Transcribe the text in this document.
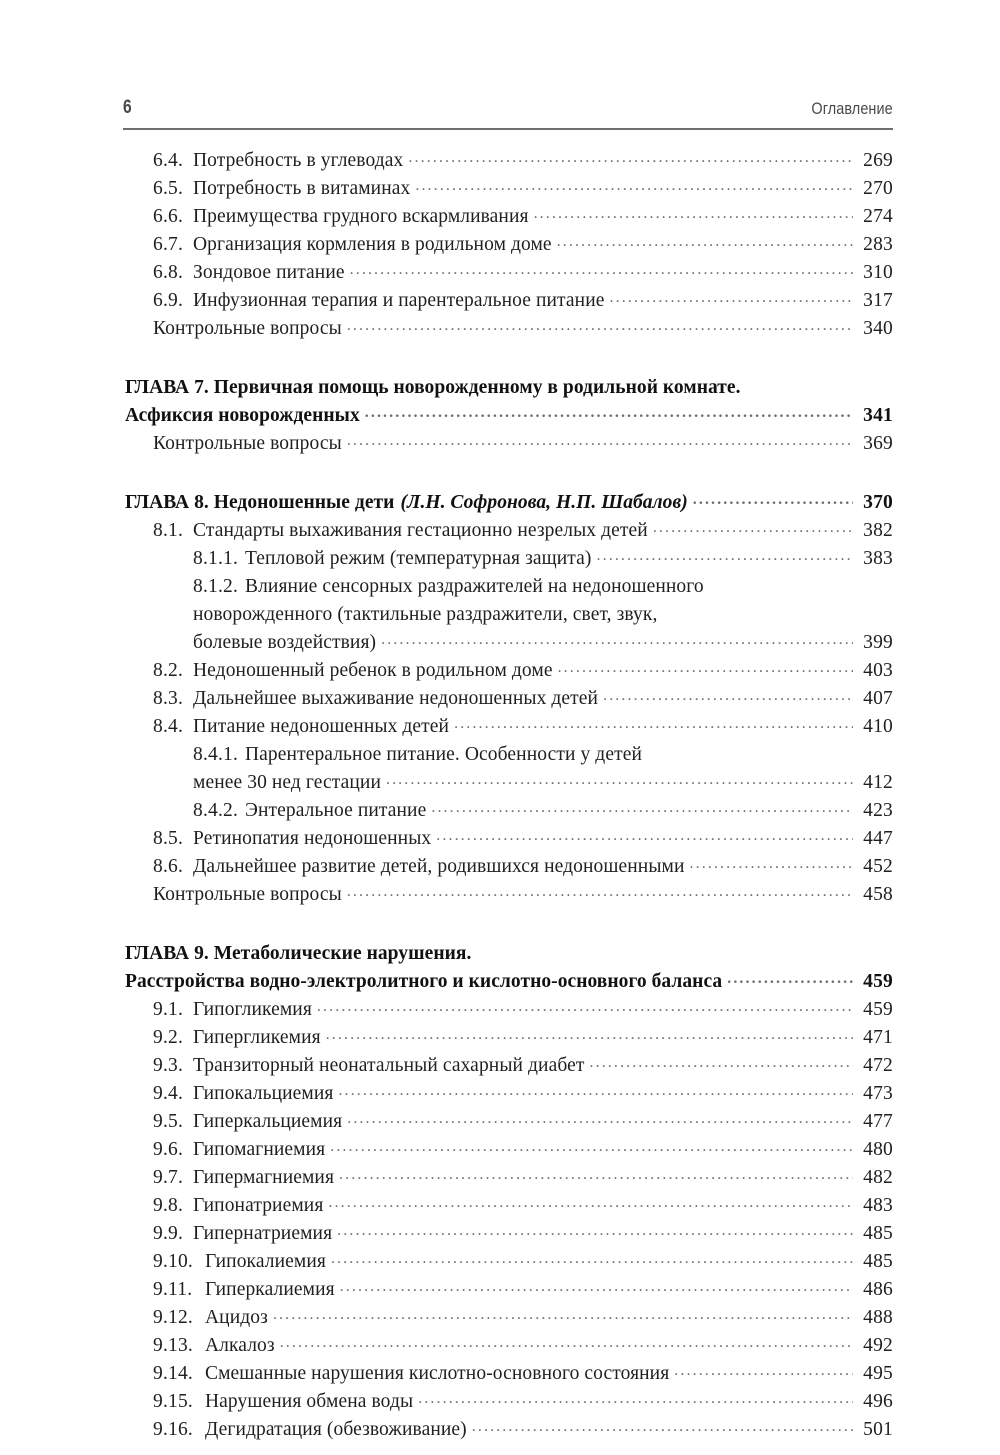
6	Оглавление
6.4. Потребность в углеводах .....	269
6.5. Потребность в витаминах .....	270
6.6. Преимущества грудного вскармливания .....	274
6.7. Организация кормления в родильном доме .....	283
6.8. Зондовое питание .....	310
6.9. Инфузионная терапия и парентеральное питание .....	317
Контрольные вопросы .....	340
ГЛАВА 7. Первичная помощь новорожденному в родильной комнате.
Асфиксия новорожденных .....	341
Контрольные вопросы .....	369
ГЛАВА 8. Недоношенные дети (Л.Н. Софронова, Н.П. Шабалов) .....	370
8.1. Стандарты выхаживания гестационно незрелых детей .....	382
8.1.1. Тепловой режим (температурная защита) .....	383
8.1.2. Влияние сенсорных раздражителей на недоношенного
новорожденного (тактильные раздражители, свет, звук,
болевые воздействия) .....	399
8.2. Недоношенный ребенок в родильном доме .....	403
8.3. Дальнейшее выхаживание недоношенных детей .....	407
8.4. Питание недоношенных детей .....	410
8.4.1. Парентеральное питание. Особенности у детей
менее 30 нед гестации .....	412
8.4.2. Энтеральное питание .....	423
8.5. Ретинопатия недоношенных .....	447
8.6. Дальнейшее развитие детей, родившихся недоношенными .....	452
Контрольные вопросы .....	458
ГЛАВА 9. Метаболические нарушения.
Расстройства водно-электролитного и кислотно-основного баланса .....	459
9.1. Гипогликемия .....	459
9.2. Гипергликемия .....	471
9.3. Транзиторный неонатальный сахарный диабет .....	472
9.4. Гипокальциемия .....	473
9.5. Гиперкальциемия .....	477
9.6. Гипомагниемия .....	480
9.7. Гипермагниемия .....	482
9.8. Гипонатриемия .....	483
9.9. Гипернатриемия .....	485
9.10. Гипокалиемия .....	485
9.11. Гиперкалиемия .....	486
9.12. Ацидоз .....	488
9.13. Алкалоз .....	492
9.14. Смешанные нарушения кислотно-основного состояния .....	495
9.15. Нарушения обмена воды .....	496
9.16. Дегидратация (обезвоживание) .....	501
